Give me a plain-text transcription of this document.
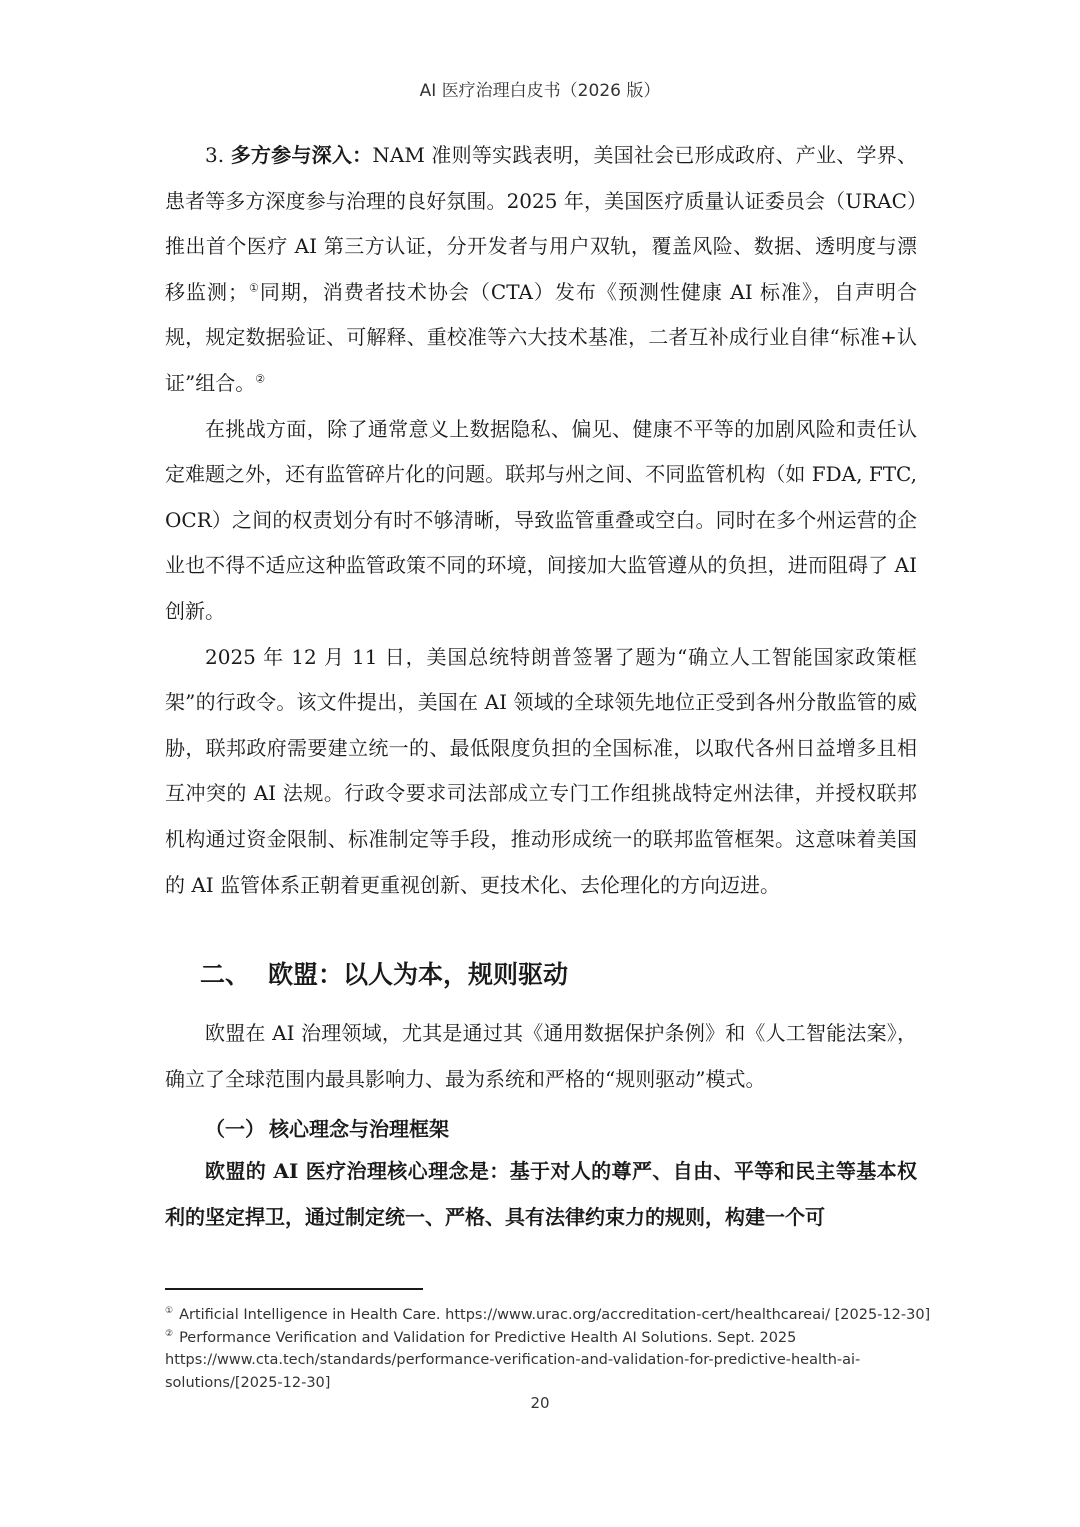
AI 医疗治理白皮书（2026 版）

3. 多方参与深入：NAM 准则等实践表明，美国社会已形成政府、产业、学界、患者等多方深度参与治理的良好氛围。2025 年，美国医疗质量认证委员会（URAC）推出首个医疗 AI 第三方认证，分开发者与用户双轨，覆盖风险、数据、透明度与漂移监测；①同期，消费者技术协会（CTA）发布《预测性健康 AI 标准》，自声明合规，规定数据验证、可解释、重校准等六大技术基准，二者互补成行业自律“标准+认证”组合。②

在挑战方面，除了通常意义上数据隐私、偏见、健康不平等的加剧风险和责任认定难题之外，还有监管碎片化的问题。联邦与州之间、不同监管机构（如 FDA, FTC, OCR）之间的权责划分有时不够清晰，导致监管重叠或空白。同时在多个州运营的企业也不得不适应这种监管政策不同的环境，间接加大监管遵从的负担，进而阻碍了 AI 创新。

2025 年 12 月 11 日，美国总统特朗普签署了题为“确立人工智能国家政策框架”的行政令。该文件提出，美国在 AI 领域的全球领先地位正受到各州分散监管的威胁，联邦政府需要建立统一的、最低限度负担的全国标准，以取代各州日益增多且相互冲突的 AI 法规。行政令要求司法部成立专门工作组挑战特定州法律，并授权联邦机构通过资金限制、标准制定等手段，推动形成统一的联邦监管框架。这意味着美国的 AI 监管体系正朝着更重视创新、更技术化、去伦理化的方向迈进。

二、 欧盟：以人为本，规则驱动

欧盟在 AI 治理领域，尤其是通过其《通用数据保护条例》和《人工智能法案》，确立了全球范围内最具影响力、最为系统和严格的“规则驱动”模式。

（一） 核心理念与治理框架

欧盟的 AI 医疗治理核心理念是：基于对人的尊严、自由、平等和民主等基本权利的坚定捍卫，通过制定统一、严格、具有法律约束力的规则，构建一个可

① Artificial Intelligence in Health Care. https://www.urac.org/accreditation-cert/healthcareai/ [2025-12-30]

② Performance Verification and Validation for Predictive Health AI Solutions. Sept. 2025

https://www.cta.tech/standards/performance-verification-and-validation-for-predictive-health-ai-

solutions/[2025-12-30]

20
